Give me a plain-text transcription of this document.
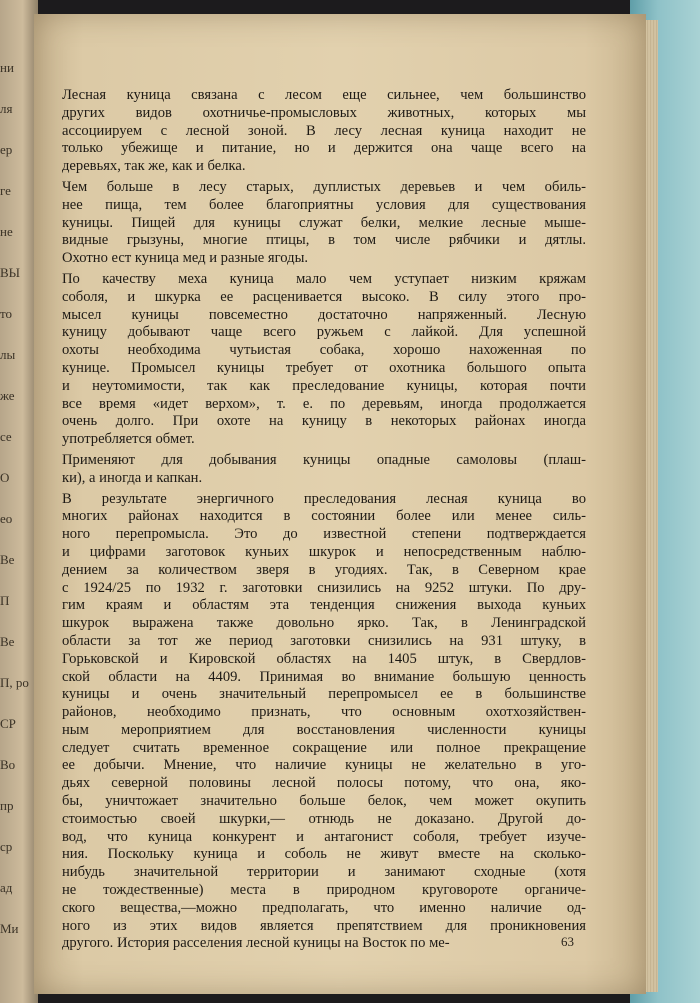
ни
ля
ер
ге
не
ВЫ
то
лы
же
се
О
ео
Ве
П
Ве
П, ро
СР
Во
пр
ср
ад
Ми
Лесная куница связана с лесом еще сильнее, чем большинство
других видов охотничье-промысловых животных, которых мы
ассоциируем с лесной зоной. В лесу лесная куница находит не
только убежище и питание, но и держится она чаще всего на
деревьях, так же, как и белка.
Чем больше в лесу старых, дуплистых деревьев и чем обиль-
нее пища, тем более благоприятны условия для существования
куницы. Пищей для куницы служат белки, мелкие лесные мыше-
видные грызуны, многие птицы, в том числе рябчики и дятлы.
Охотно ест куница мед и разные ягоды.
По качеству меха куница мало чем уступает низким кряжам
соболя, и шкурка ее расценивается высоко. В силу этого про-
мысел куницы повсеместно достаточно напряженный. Лесную
куницу добывают чаще всего ружьем с лайкой. Для успешной
охоты необходима чутьистая собака, хорошо нахоженная по
кунице. Промысел куницы требует от охотника большого опыта
и неутомимости, так как преследование куницы, которая почти
все время «идет верхом», т. е. по деревьям, иногда продолжается
очень долго. При охоте на куницу в некоторых районах иногда
употребляется обмет.
Применяют для добывания куницы опадные самоловы (плаш-
ки), а иногда и капкан.
В результате энергичного преследования лесная куница во
многих районах находится в состоянии более или менее силь-
ного перепромысла. Это до известной степени подтверждается
и цифрами заготовок куньих шкурок и непосредственным наблю-
дением за количеством зверя в угодиях. Так, в Северном крае
с 1924/25 по 1932 г. заготовки снизились на 9252 штуки. По дру-
гим краям и областям эта тенденция снижения выхода куньих
шкурок выражена также довольно ярко. Так, в Ленинградской
области за тот же период заготовки снизились на 931 штуку, в
Горьковской и Кировской областях на 1405 штук, в Свердлов-
ской области на 4409. Принимая во внимание большую ценность
куницы и очень значительный перепромысел ее в большинстве
районов, необходимо признать, что основным охотхозяйствен-
ным мероприятием для восстановления численности куницы
следует считать временное сокращение или полное прекращение
ее добычи. Мнение, что наличие куницы не желательно в уго-
дьях северной половины лесной полосы потому, что она, яко-
бы, уничтожает значительно больше белок, чем может окупить
стоимостью своей шкурки,— отнюдь не доказано. Другой до-
вод, что куница конкурент и антагонист соболя, требует изуче-
ния. Поскольку куница и соболь не живут вместе на сколько-
нибудь значительной территории и занимают сходные (хотя
не тождественные) места в природном круговороте органиче-
ского вещества,—можно предполагать, что именно наличие од-
ного из этих видов является препятствием для проникновения
другого. История расселения лесной куницы на Восток по ме-	63
